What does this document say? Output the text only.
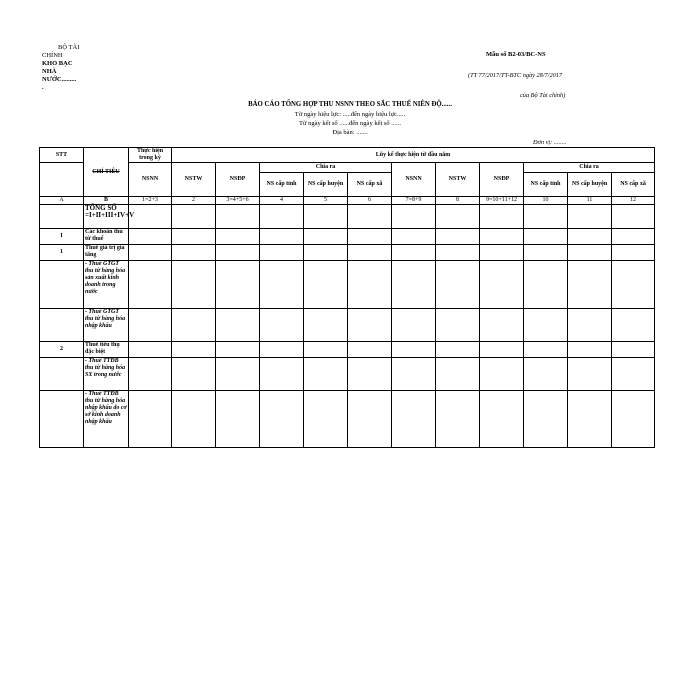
BỘ TÀI
CHÍNH
KHO BẠC
NHÀ
NƯỚC.........
.
Mẫu số B2-03/BC-NS
(TT 77/2017/TT-BTC ngày 28/7/2017
của Bộ Tài chính)
BÁO CÁO TỔNG HỢP THU NSNN THEO SẮC THUẾ NIÊN ĐỘ......
Từ ngày hiệu lực: .....đến ngày hiệu lực.....
Từ ngày kết số ......đến ngày kết số ......
Địa bàn: .......
Đơn vị: ........
STT	CHỈ TIÊU	Thực hiện trong kỳ	Lũy kế thực hiện từ đầu năm										
		NSNN	NSTW	NSĐP	Chia ra			NSNN	NSTW	NSĐP	Chia ra		
					NS cấp tỉnh	NS cấp huyện	NS cấp xã				NS cấp tỉnh	NS cấp huyện	NS cấp xã
A	B	1=2+3	2	3=4+5+6	4	5	6	7=8+9	8	9=10+11+12	10	11	12
	TỔNG SỐ =I+II+III+IV+V												
I	Các khoản thu từ thuế												
1	Thuế giá trị gia tăng												
	- Thuế GTGT thu từ hàng hóa sản xuất kinh doanh trong nước												
	- Thuế GTGT thu từ hàng hóa nhập khẩu												
2	Thuế tiêu thụ đặc biệt												
	- Thuế TTĐB thu từ hàng hóa SX trong nước												
	- Thuế TTĐB thu từ hàng hóa nhập khẩu do cơ sở kinh doanh nhập khẩu												
